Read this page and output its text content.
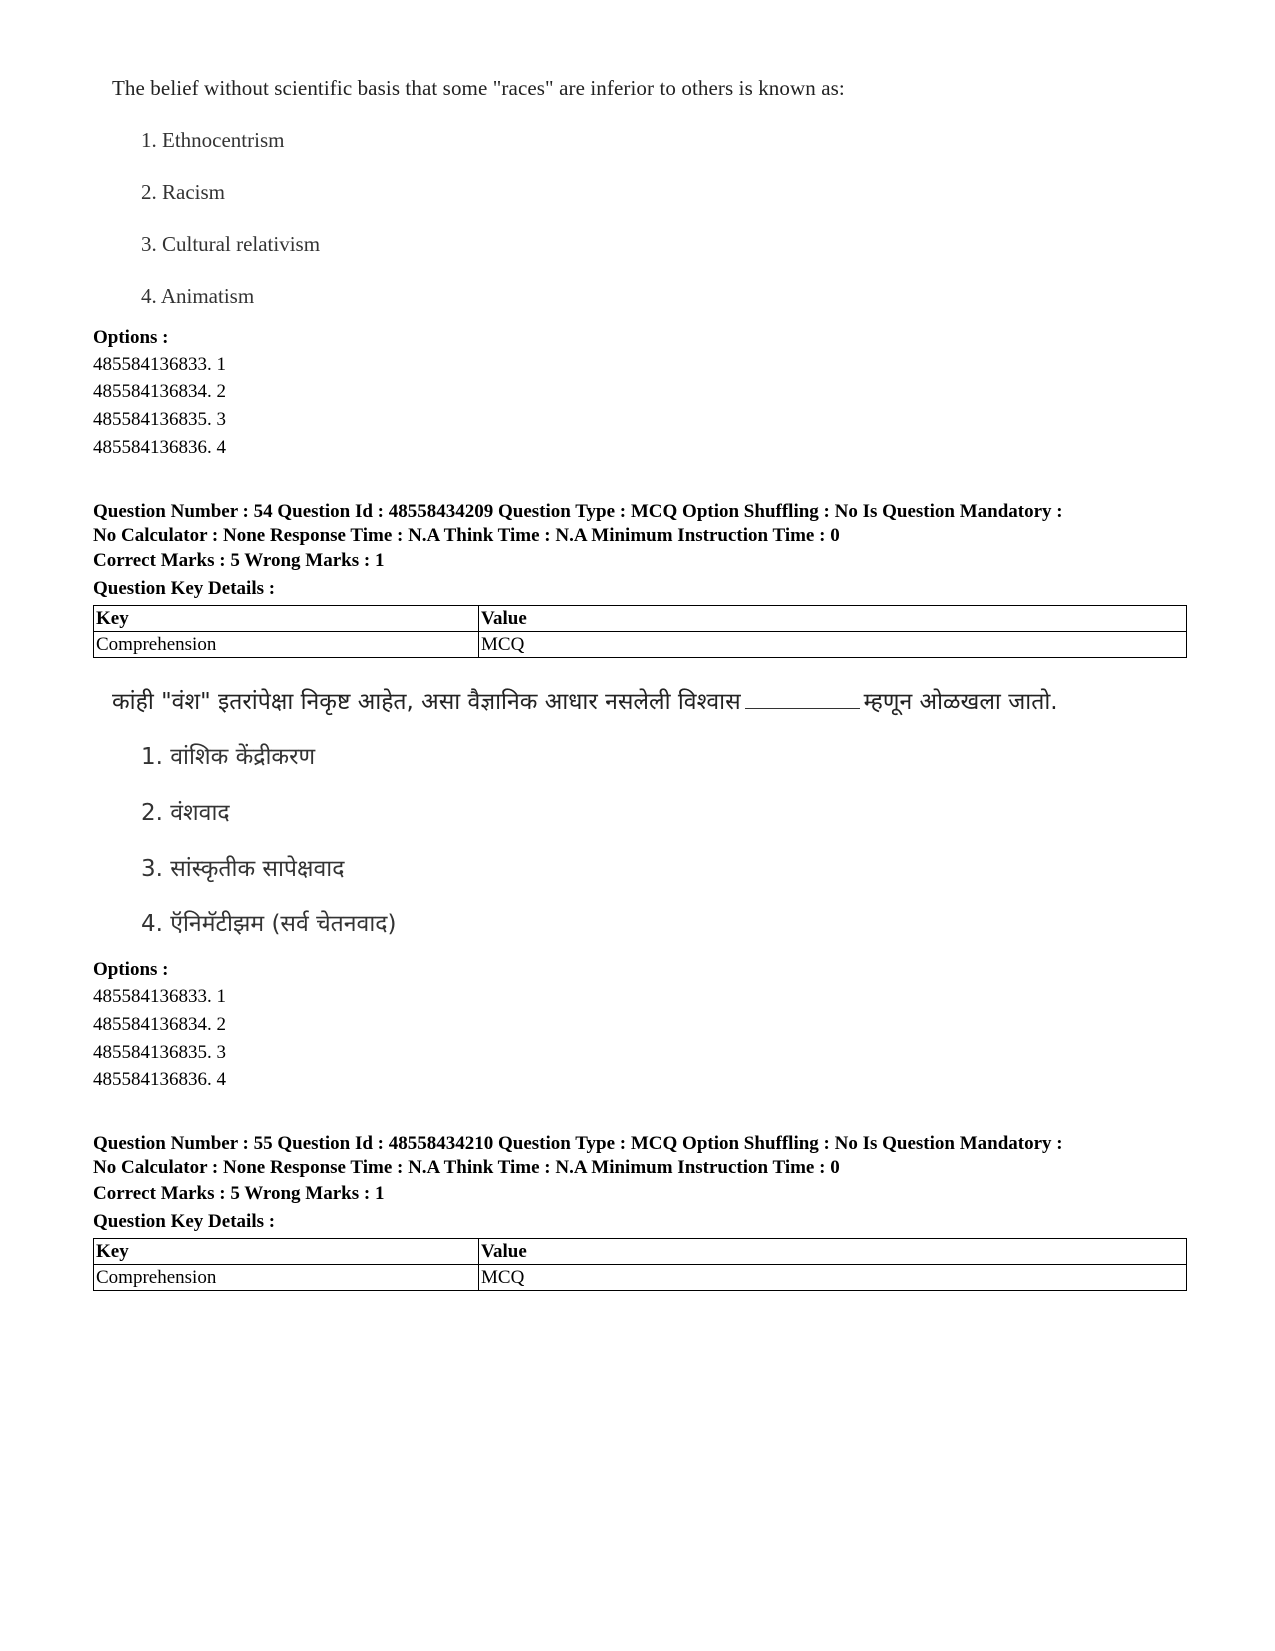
The belief without scientific basis that some "races" are inferior to others is known as:
1. Ethnocentrism
2. Racism
3. Cultural relativism
4. Animatism
Options :
485584136833. 1
485584136834. 2
485584136835. 3
485584136836. 4
Question Number : 54 Question Id : 48558434209 Question Type : MCQ Option Shuffling : No Is Question Mandatory :
No Calculator : None Response Time : N.A Think Time : N.A Minimum Instruction Time : 0
Correct Marks : 5 Wrong Marks : 1
Question Key Details :
Key	Value
Comprehension	MCQ
कांही "वंश" इतरांपेक्षा निकृष्ट आहेत, असा वैज्ञानिक आधार नसलेली विश्वास	म्हणून ओळखला जातो.
1. वांशिक केंद्रीकरण
2. वंशवाद
3. सांस्कृतीक सापेक्षवाद
4. ऍनिमॅटीझम (सर्व चेतनवाद)
Options :
485584136833. 1
485584136834. 2
485584136835. 3
485584136836. 4
Question Number : 55 Question Id : 48558434210 Question Type : MCQ Option Shuffling : No Is Question Mandatory :
No Calculator : None Response Time : N.A Think Time : N.A Minimum Instruction Time : 0
Correct Marks : 5 Wrong Marks : 1
Question Key Details :
Key	Value
Comprehension	MCQ
